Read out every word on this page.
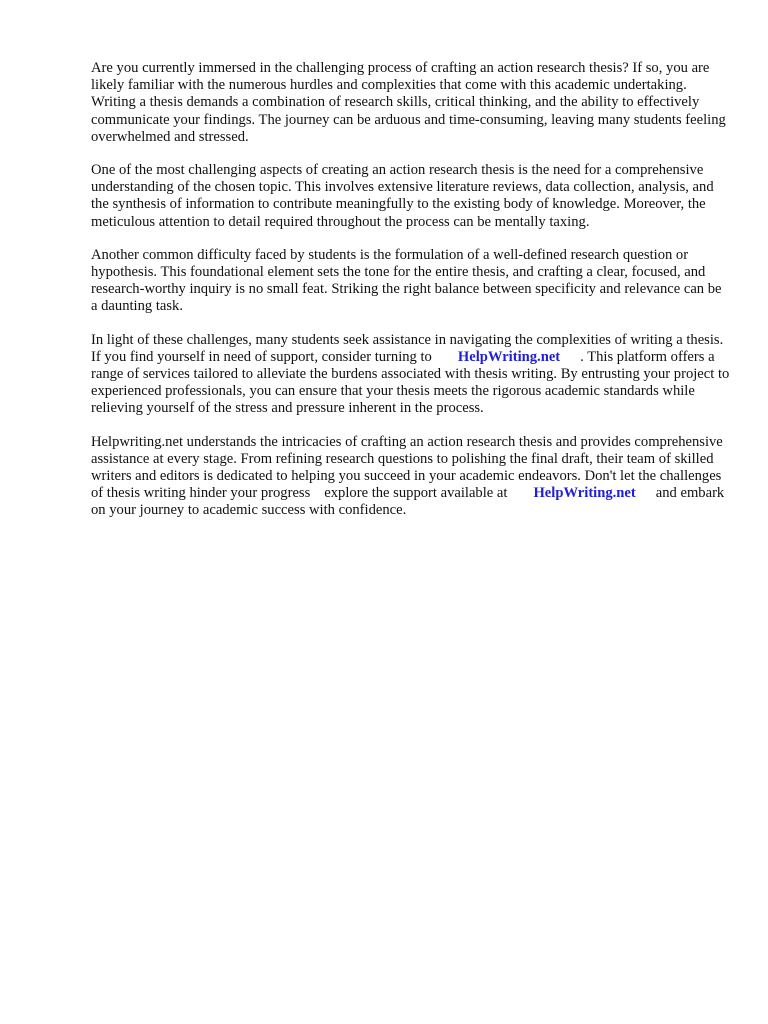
Are you currently immersed in the challenging process of crafting an action research thesis? If so, you are likely familiar with the numerous hurdles and complexities that come with this academic undertaking. Writing a thesis demands a combination of research skills, critical thinking, and the ability to effectively communicate your findings. The journey can be arduous and time-consuming, leaving many students feeling overwhelmed and stressed.

One of the most challenging aspects of creating an action research thesis is the need for a comprehensive understanding of the chosen topic. This involves extensive literature reviews, data collection, analysis, and the synthesis of information to contribute meaningfully to the existing body of knowledge. Moreover, the meticulous attention to detail required throughout the process can be mentally taxing.

Another common difficulty faced by students is the formulation of a well-defined research question or hypothesis. This foundational element sets the tone for the entire thesis, and crafting a clear, focused, and research-worthy inquiry is no small feat. Striking the right balance between specificity and relevance can be a daunting task.

In light of these challenges, many students seek assistance in navigating the complexities of writing a thesis. If you find yourself in need of support, consider turning to HelpWriting.net . This platform offers a range of services tailored to alleviate the burdens associated with thesis writing. By entrusting your project to experienced professionals, you can ensure that your thesis meets the rigorous academic standards while relieving yourself of the stress and pressure inherent in the process.

Helpwriting.net understands the intricacies of crafting an action research thesis and provides comprehensive assistance at every stage. From refining research questions to polishing the final draft, their team of skilled writers and editors is dedicated to helping you succeed in your academic endeavors. Don't let the challenges of thesis writing hinder your progress explore the support available at HelpWriting.net and embark on your journey to academic success with confidence.
